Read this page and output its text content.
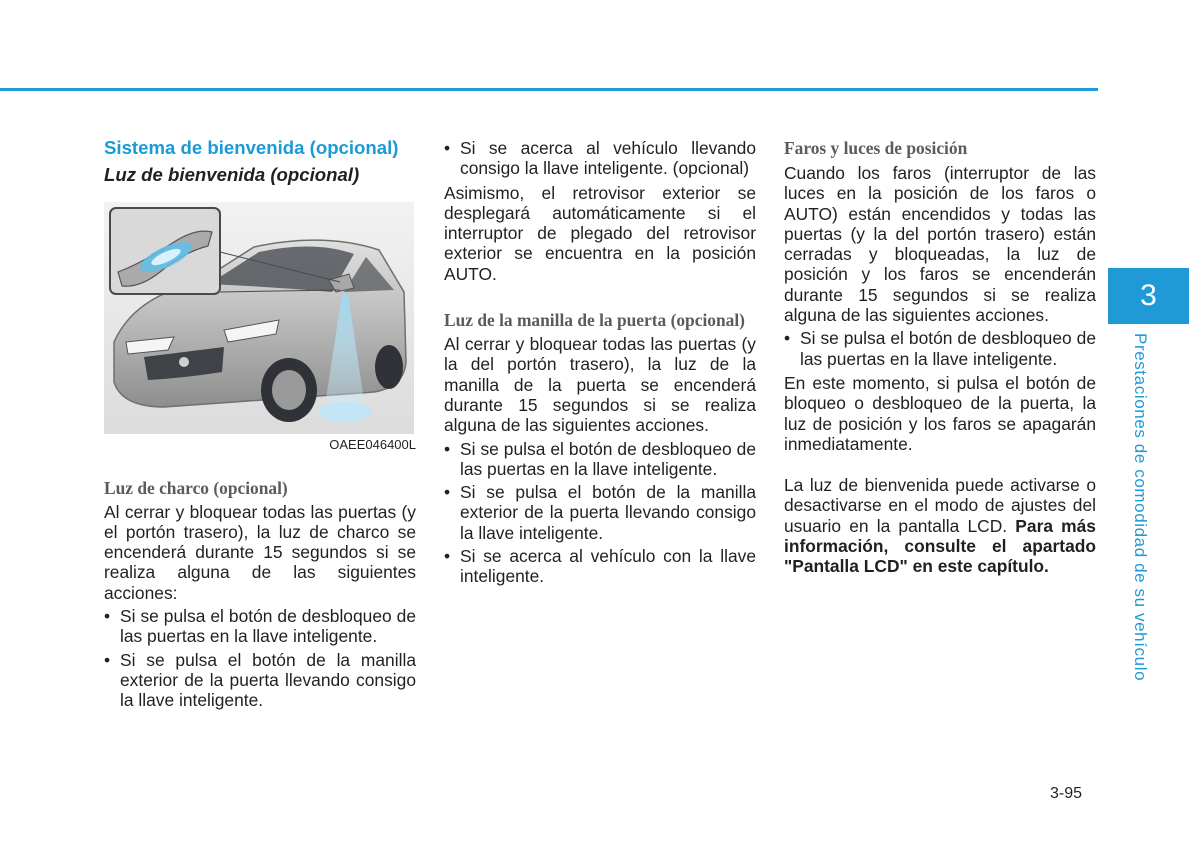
Sistema de bienvenida (opcional)
Luz de bienvenida (opcional)
OAEE046400L
Luz de charco (opcional)

Al cerrar y bloquear todas las puertas (y el portón trasero), la luz de charco se encenderá durante 15 segundos si se realiza alguna de las siguientes acciones:

• Si se pulsa el botón de desbloqueo de las puertas en la llave inteligente.
• Si se pulsa el botón de la manilla exterior de la puerta llevando consigo la llave inteligente.
• Si se acerca al vehículo llevando consigo la llave inteligente. (opcional)

Asimismo, el retrovisor exterior se desplegará automáticamente si el interruptor de plegado del retrovisor exterior se encuentra en la posición AUTO.

Luz de la manilla de la puerta (opcional)

Al cerrar y bloquear todas las puertas (y la del portón trasero), la luz de la manilla de la puerta se encenderá durante 15 segundos si se realiza alguna de las siguientes acciones.

• Si se pulsa el botón de desbloqueo de las puertas en la llave inteligente.
• Si se pulsa el botón de la manilla exterior de la puerta llevando consigo la llave inteligente.
• Si se acerca al vehículo con la llave inteligente.
Faros y luces de posición

Cuando los faros (interruptor de las luces en la posición de los faros o AUTO) están encendidos y todas las puertas (y la del portón trasero) están cerradas y bloqueadas, la luz de posición y los faros se encenderán durante 15 segundos si se realiza alguna de las siguientes acciones.

• Si se pulsa el botón de desbloqueo de las puertas en la llave inteligente.

En este momento, si pulsa el botón de bloqueo o desbloqueo de la puerta, la luz de posición y los faros se apagarán inmediatamente.

La luz de bienvenida puede activarse o desactivarse en el modo de ajustes del usuario en la pantalla LCD. Para más información, consulte el apartado "Pantalla LCD" en este capítulo.

3
Prestaciones de comodidad de su vehículo
3-95
